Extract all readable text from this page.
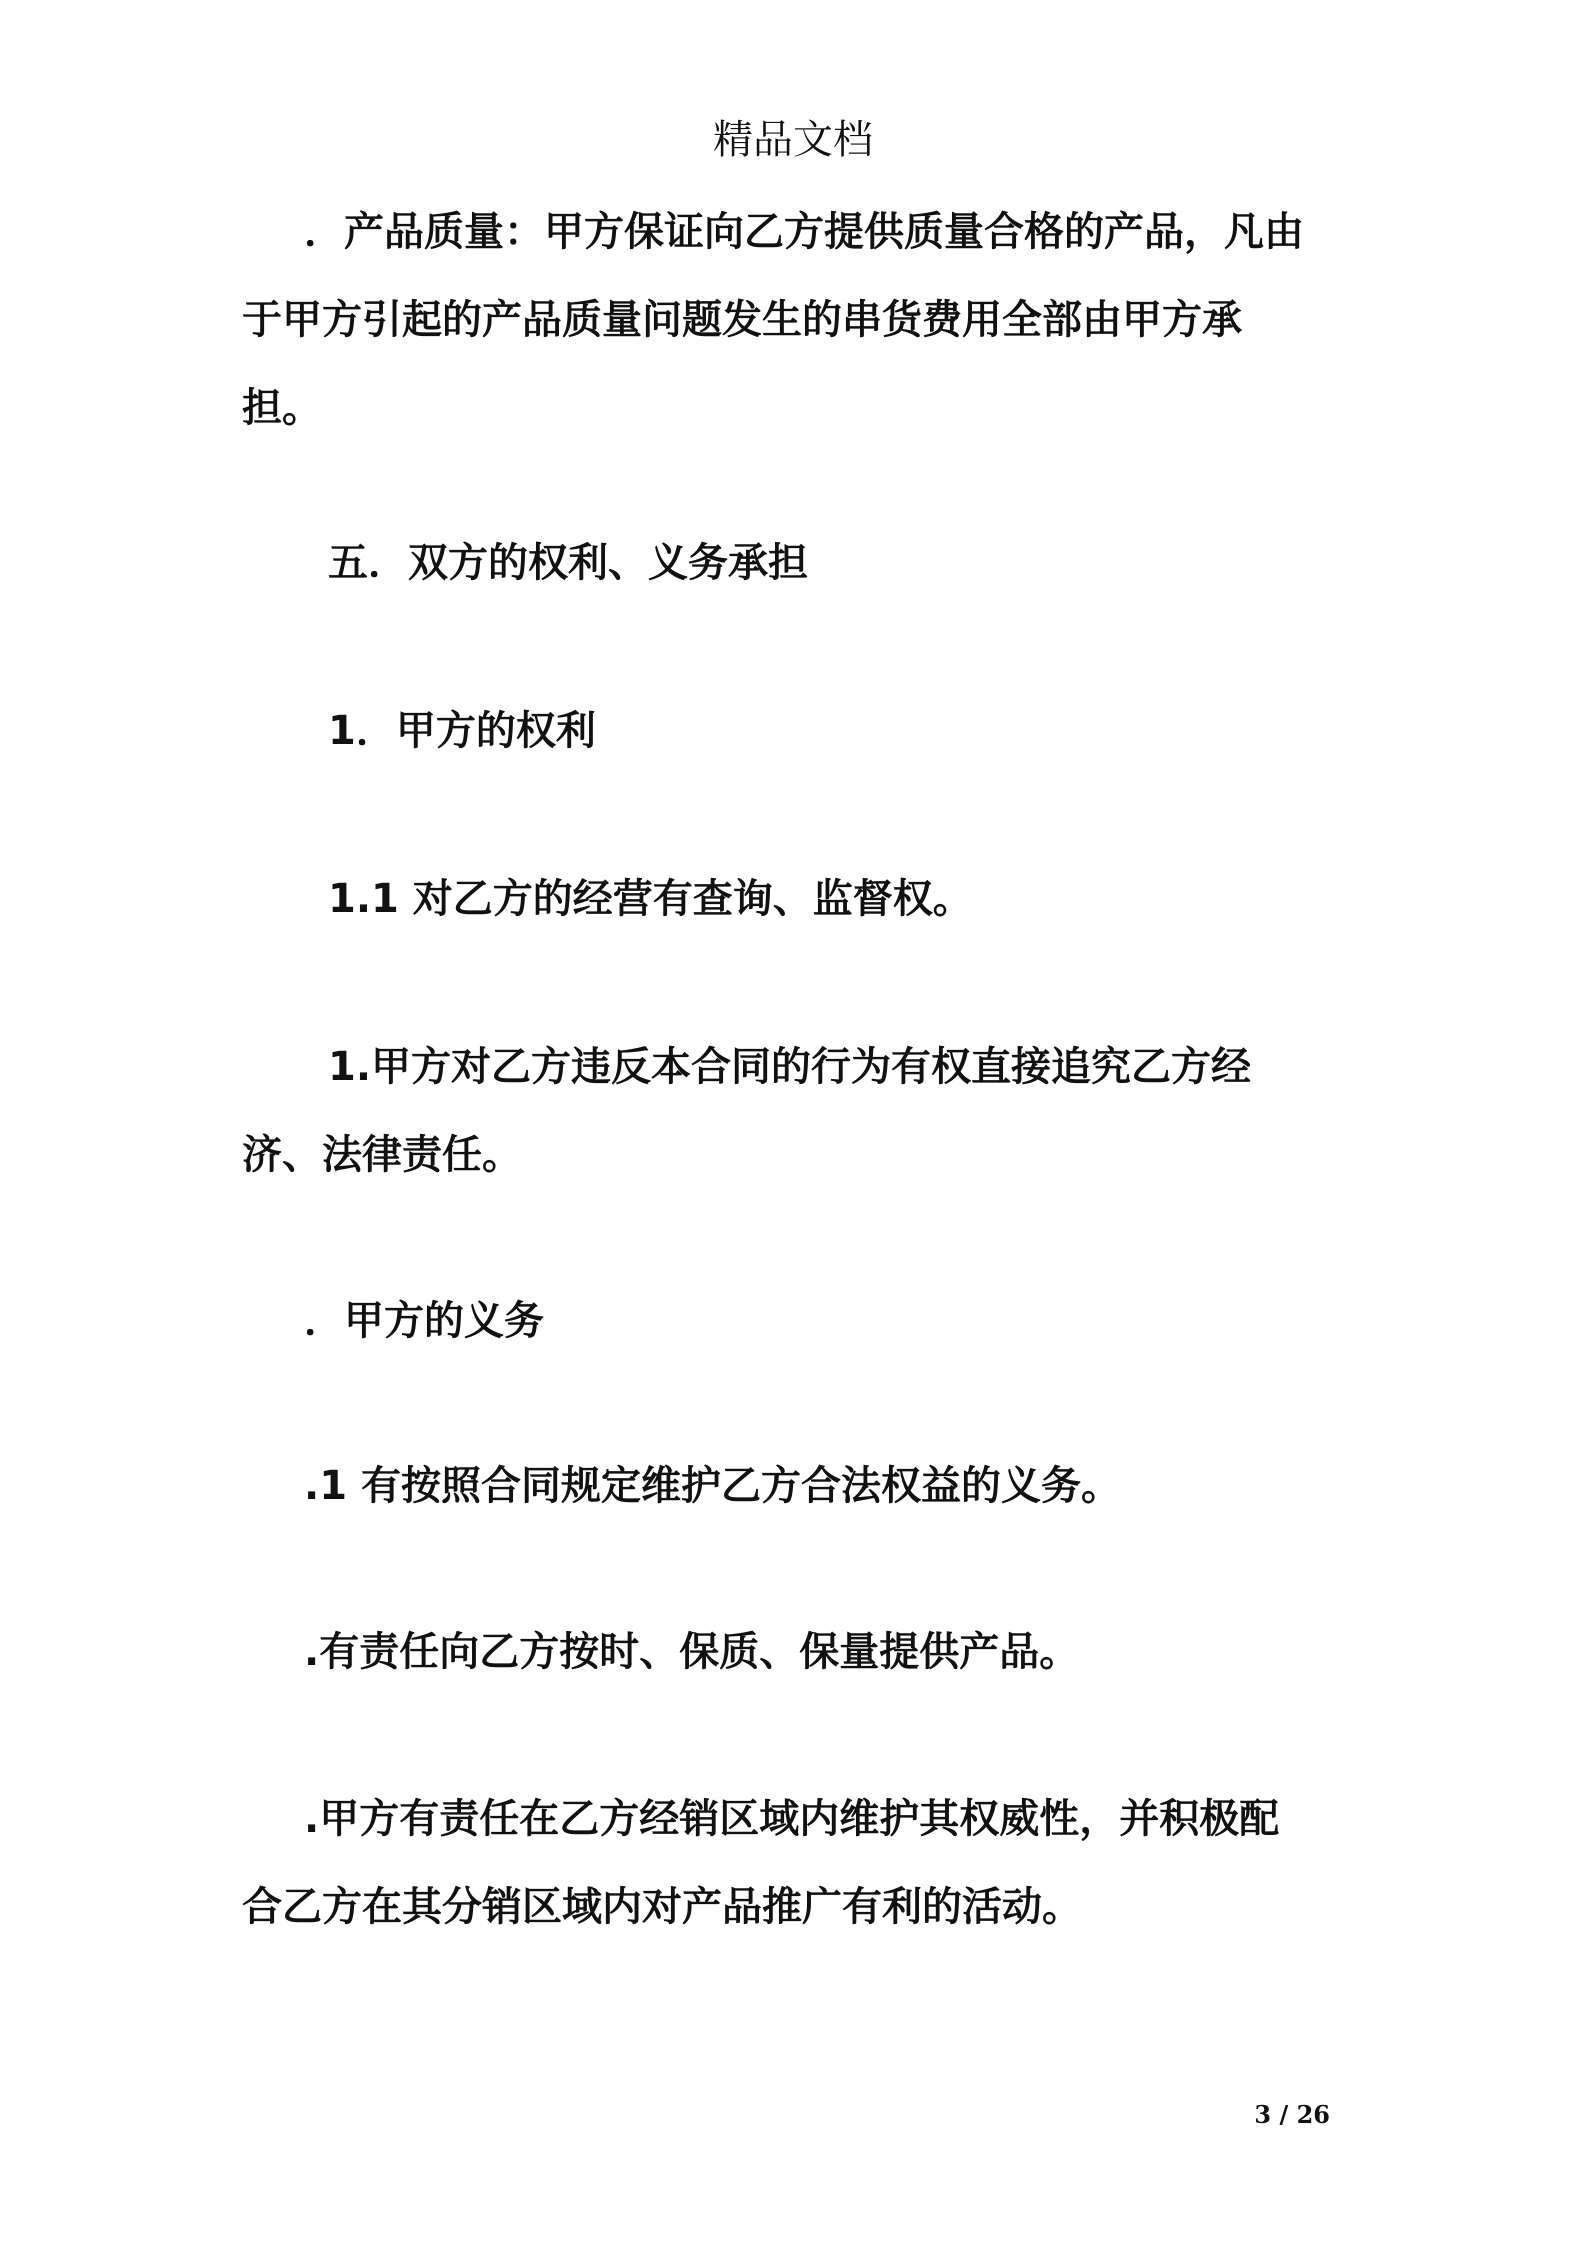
精品文档

．产品质量：甲方保证向乙方提供质量合格的产品，凡由
于甲方引起的产品质量问题发生的串货费用全部由甲方承
担。

五．双方的权利、义务承担

1．甲方的权利

1.1 对乙方的经营有查询、监督权。

1.甲方对乙方违反本合同的行为有权直接追究乙方经
济、法律责任。

．甲方的义务

.1 有按照合同规定维护乙方合法权益的义务。

.有责任向乙方按时、保质、保量提供产品。

.甲方有责任在乙方经销区域内维护其权威性，并积极配
合乙方在其分销区域内对产品推广有利的活动。

3 / 26
